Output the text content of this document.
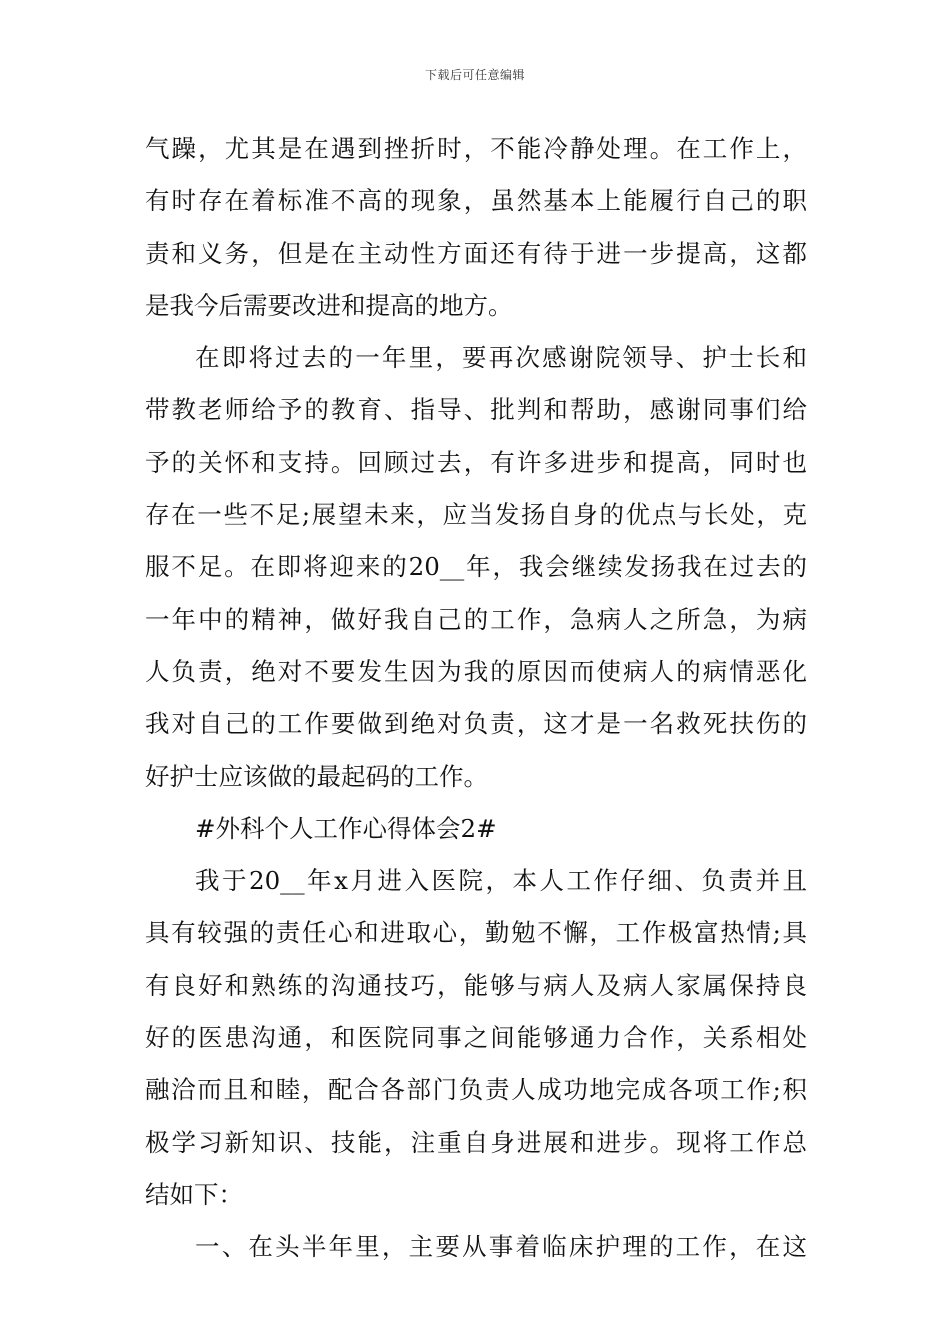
下载后可任意编辑
气躁，尤其是在遇到挫折时，不能冷静处理。在工作上，
有时存在着标准不高的现象，虽然基本上能履行自己的职
责和义务，但是在主动性方面还有待于进一步提高，这都
是我今后需要改进和提高的地方。
在即将过去的一年里，要再次感谢院领导、护士长和
带教老师给予的教育、指导、批判和帮助，感谢同事们给
予的关怀和支持。回顾过去，有许多进步和提高，同时也
存在一些不足;展望未来，应当发扬自身的优点与长处，克
服不足。在即将迎来的20__年，我会继续发扬我在过去的
一年中的精神，做好我自己的工作，急病人之所急，为病
人负责，绝对不要发生因为我的原因而使病人的病情恶化
我对自己的工作要做到绝对负责，这才是一名救死扶伤的
好护士应该做的最起码的工作。
#外科个人工作心得体会2#
我于20__年x月进入医院，本人工作仔细、负责并且
具有较强的责任心和进取心，勤勉不懈，工作极富热情;具
有良好和熟练的沟通技巧，能够与病人及病人家属保持良
好的医患沟通，和医院同事之间能够通力合作，关系相处
融洽而且和睦，配合各部门负责人成功地完成各项工作;积
极学习新知识、技能，注重自身进展和进步。现将工作总
结如下：
一、在头半年里，主要从事着临床护理的工作，在这
